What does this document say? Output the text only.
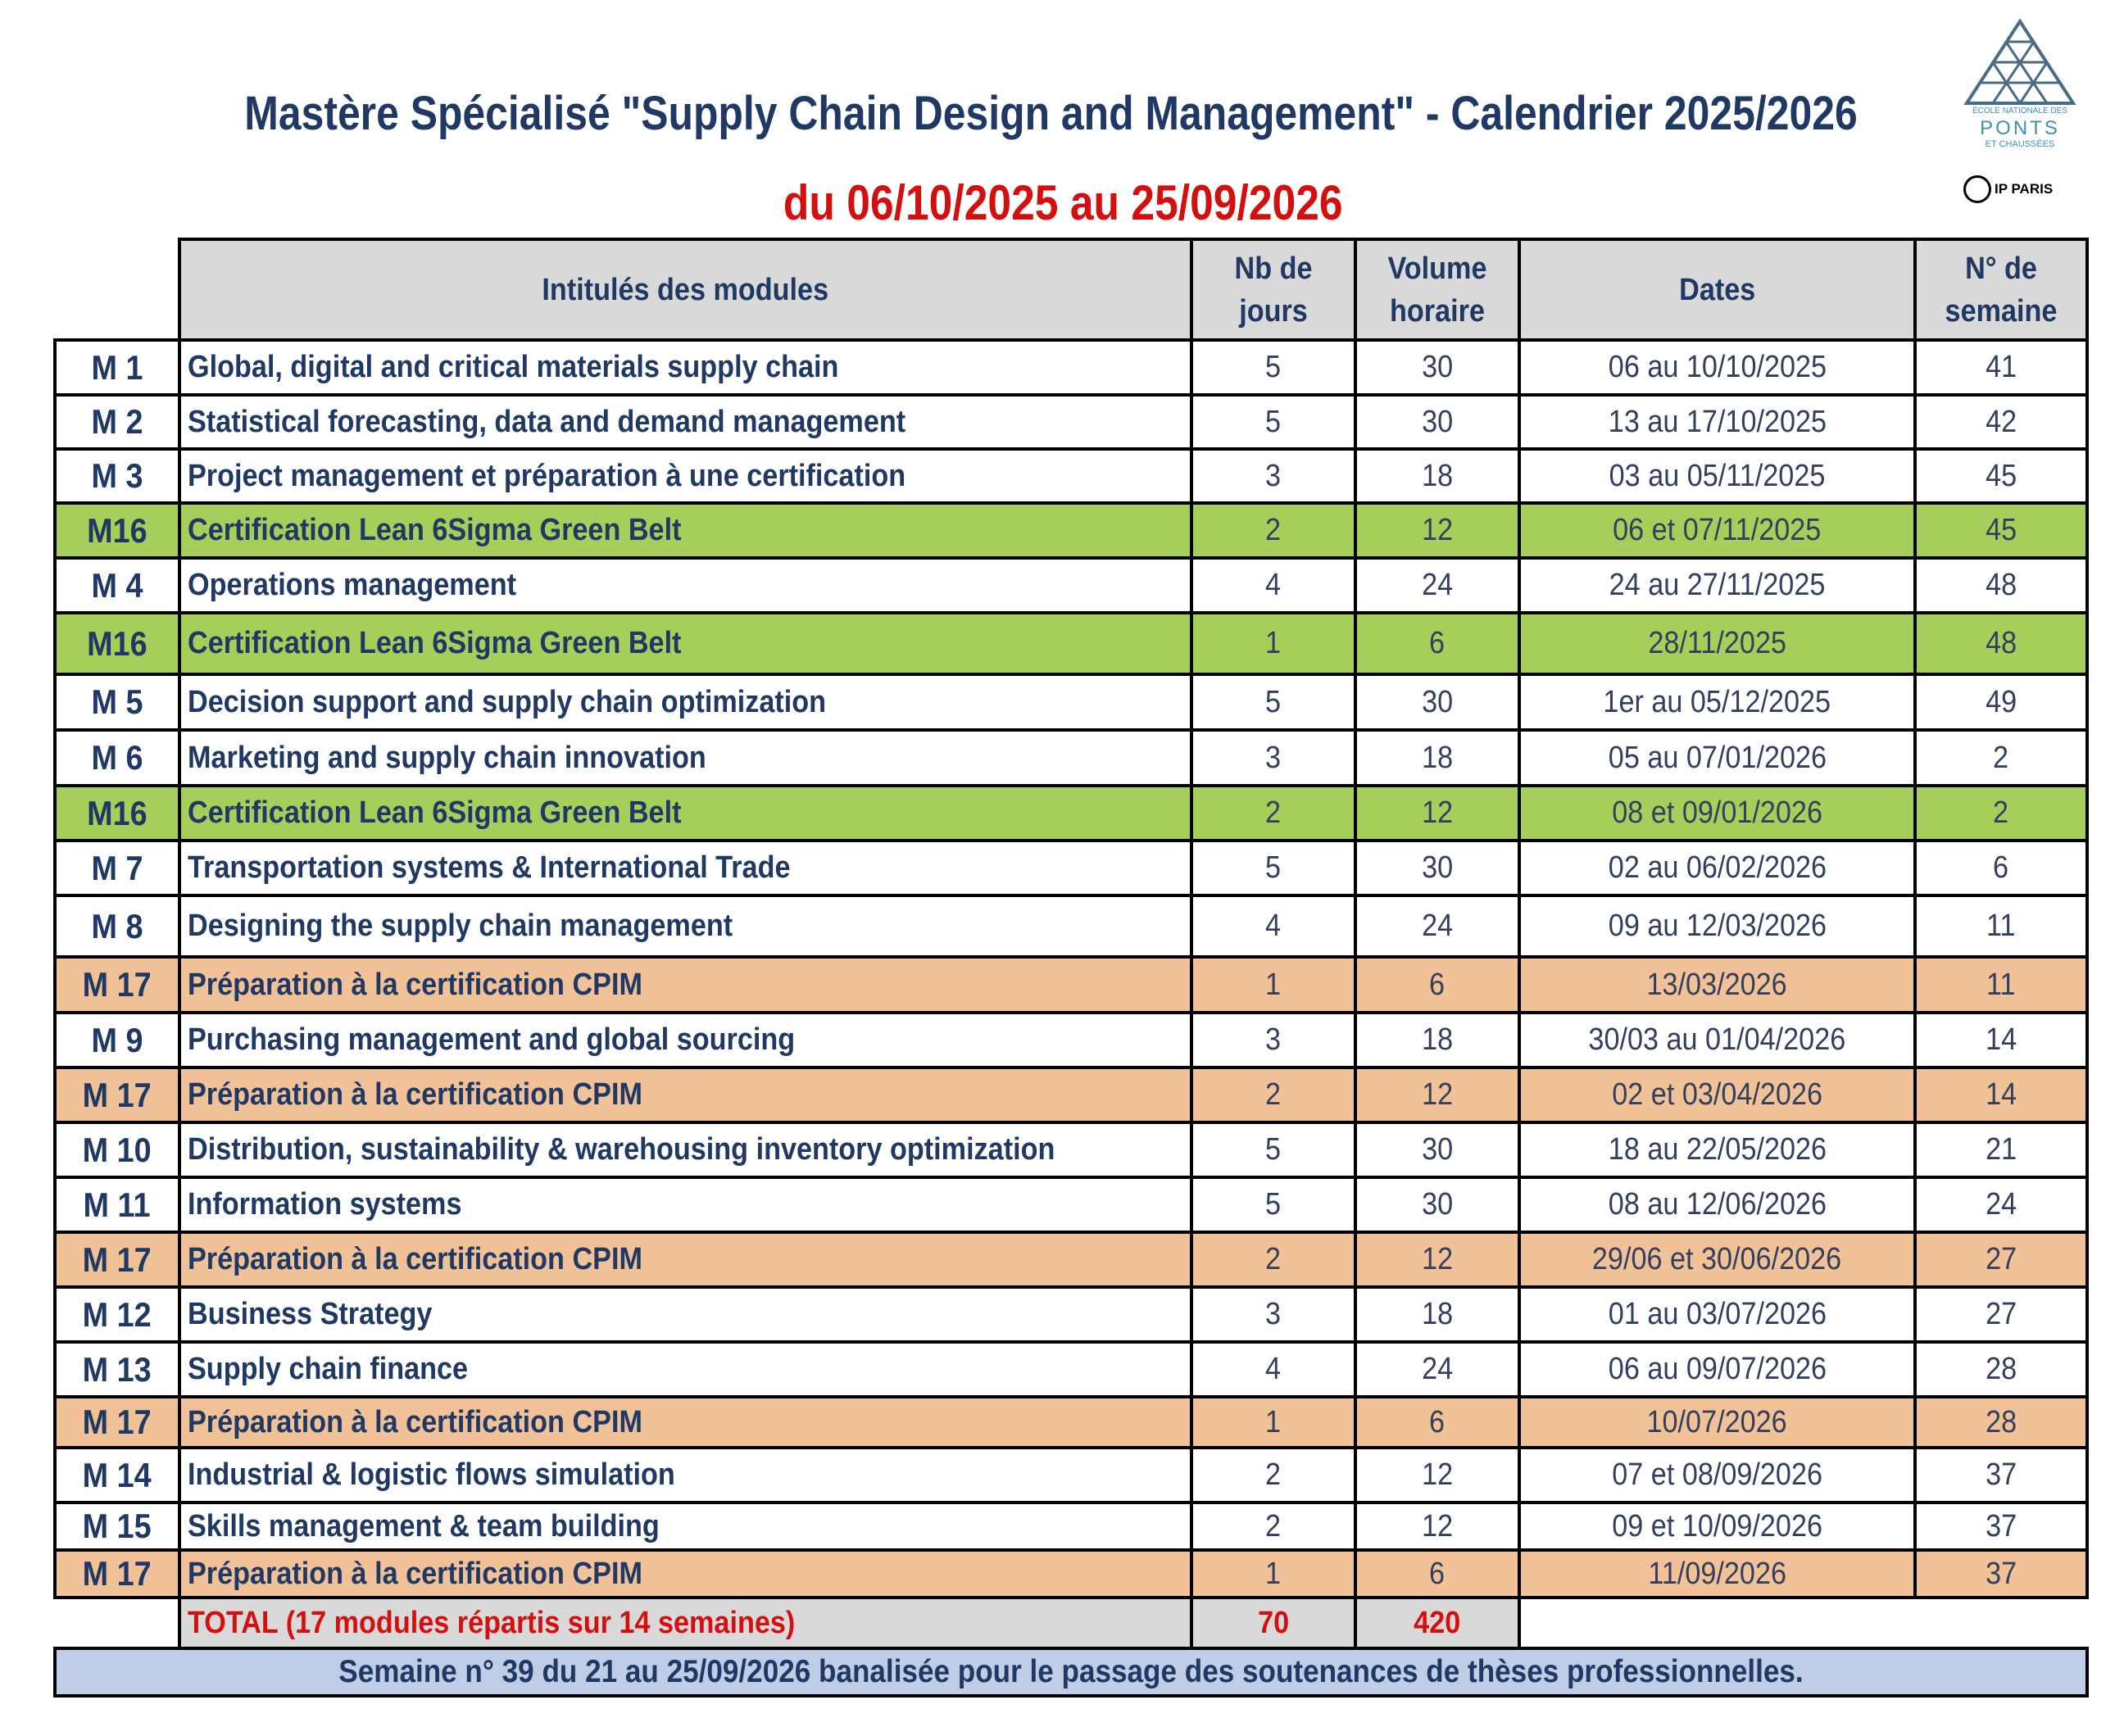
Mastère Spécialisé "Supply Chain Design and Management" - Calendrier 2025/2026
du 06/10/2025 au 25/09/2026
ÉCOLE NATIONALE DES
PONTS
ET CHAUSSÉES
IP PARIS
	Intitulés des modules	Nb de jours	Volume horaire	Dates	N° de semaine
M 1	Global, digital and critical materials supply chain	5	30	06 au 10/10/2025	41
M 2	Statistical forecasting, data and demand management	5	30	13 au 17/10/2025	42
M 3	Project management et préparation à une certification	3	18	03 au 05/11/2025	45
M16	Certification Lean 6Sigma Green Belt	2	12	06 et 07/11/2025	45
M 4	Operations management	4	24	24 au 27/11/2025	48
M16	Certification Lean 6Sigma Green Belt	1	6	28/11/2025	48
M 5	Decision support and supply chain optimization	5	30	1er au 05/12/2025	49
M 6	Marketing and supply chain innovation	3	18	05 au 07/01/2026	2
M16	Certification Lean 6Sigma Green Belt	2	12	08 et 09/01/2026	2
M 7	Transportation systems & International Trade	5	30	02 au 06/02/2026	6
M 8	Designing the supply chain management	4	24	09 au 12/03/2026	11
M 17	Préparation à la certification CPIM	1	6	13/03/2026	11
M 9	Purchasing management and global sourcing	3	18	30/03 au 01/04/2026	14
M 17	Préparation à la certification CPIM	2	12	02 et 03/04/2026	14
M 10	Distribution, sustainability & warehousing inventory optimization	5	30	18 au 22/05/2026	21
M 11	Information systems	5	30	08 au 12/06/2026	24
M 17	Préparation à la certification CPIM	2	12	29/06 et 30/06/2026	27
M 12	Business Strategy	3	18	01 au 03/07/2026	27
M 13	Supply chain finance	4	24	06 au 09/07/2026	28
M 17	Préparation à la certification CPIM	1	6	10/07/2026	28
M 14	Industrial & logistic flows simulation	2	12	07 et 08/09/2026	37
M 15	Skills management & team building	2	12	09 et 10/09/2026	37
M 17	Préparation à la certification CPIM	1	6	11/09/2026	37
	TOTAL (17 modules répartis sur 14 semaines)	70	420		
Semaine n° 39 du 21 au 25/09/2026 banalisée pour le passage des soutenances de thèses professionnelles.					
